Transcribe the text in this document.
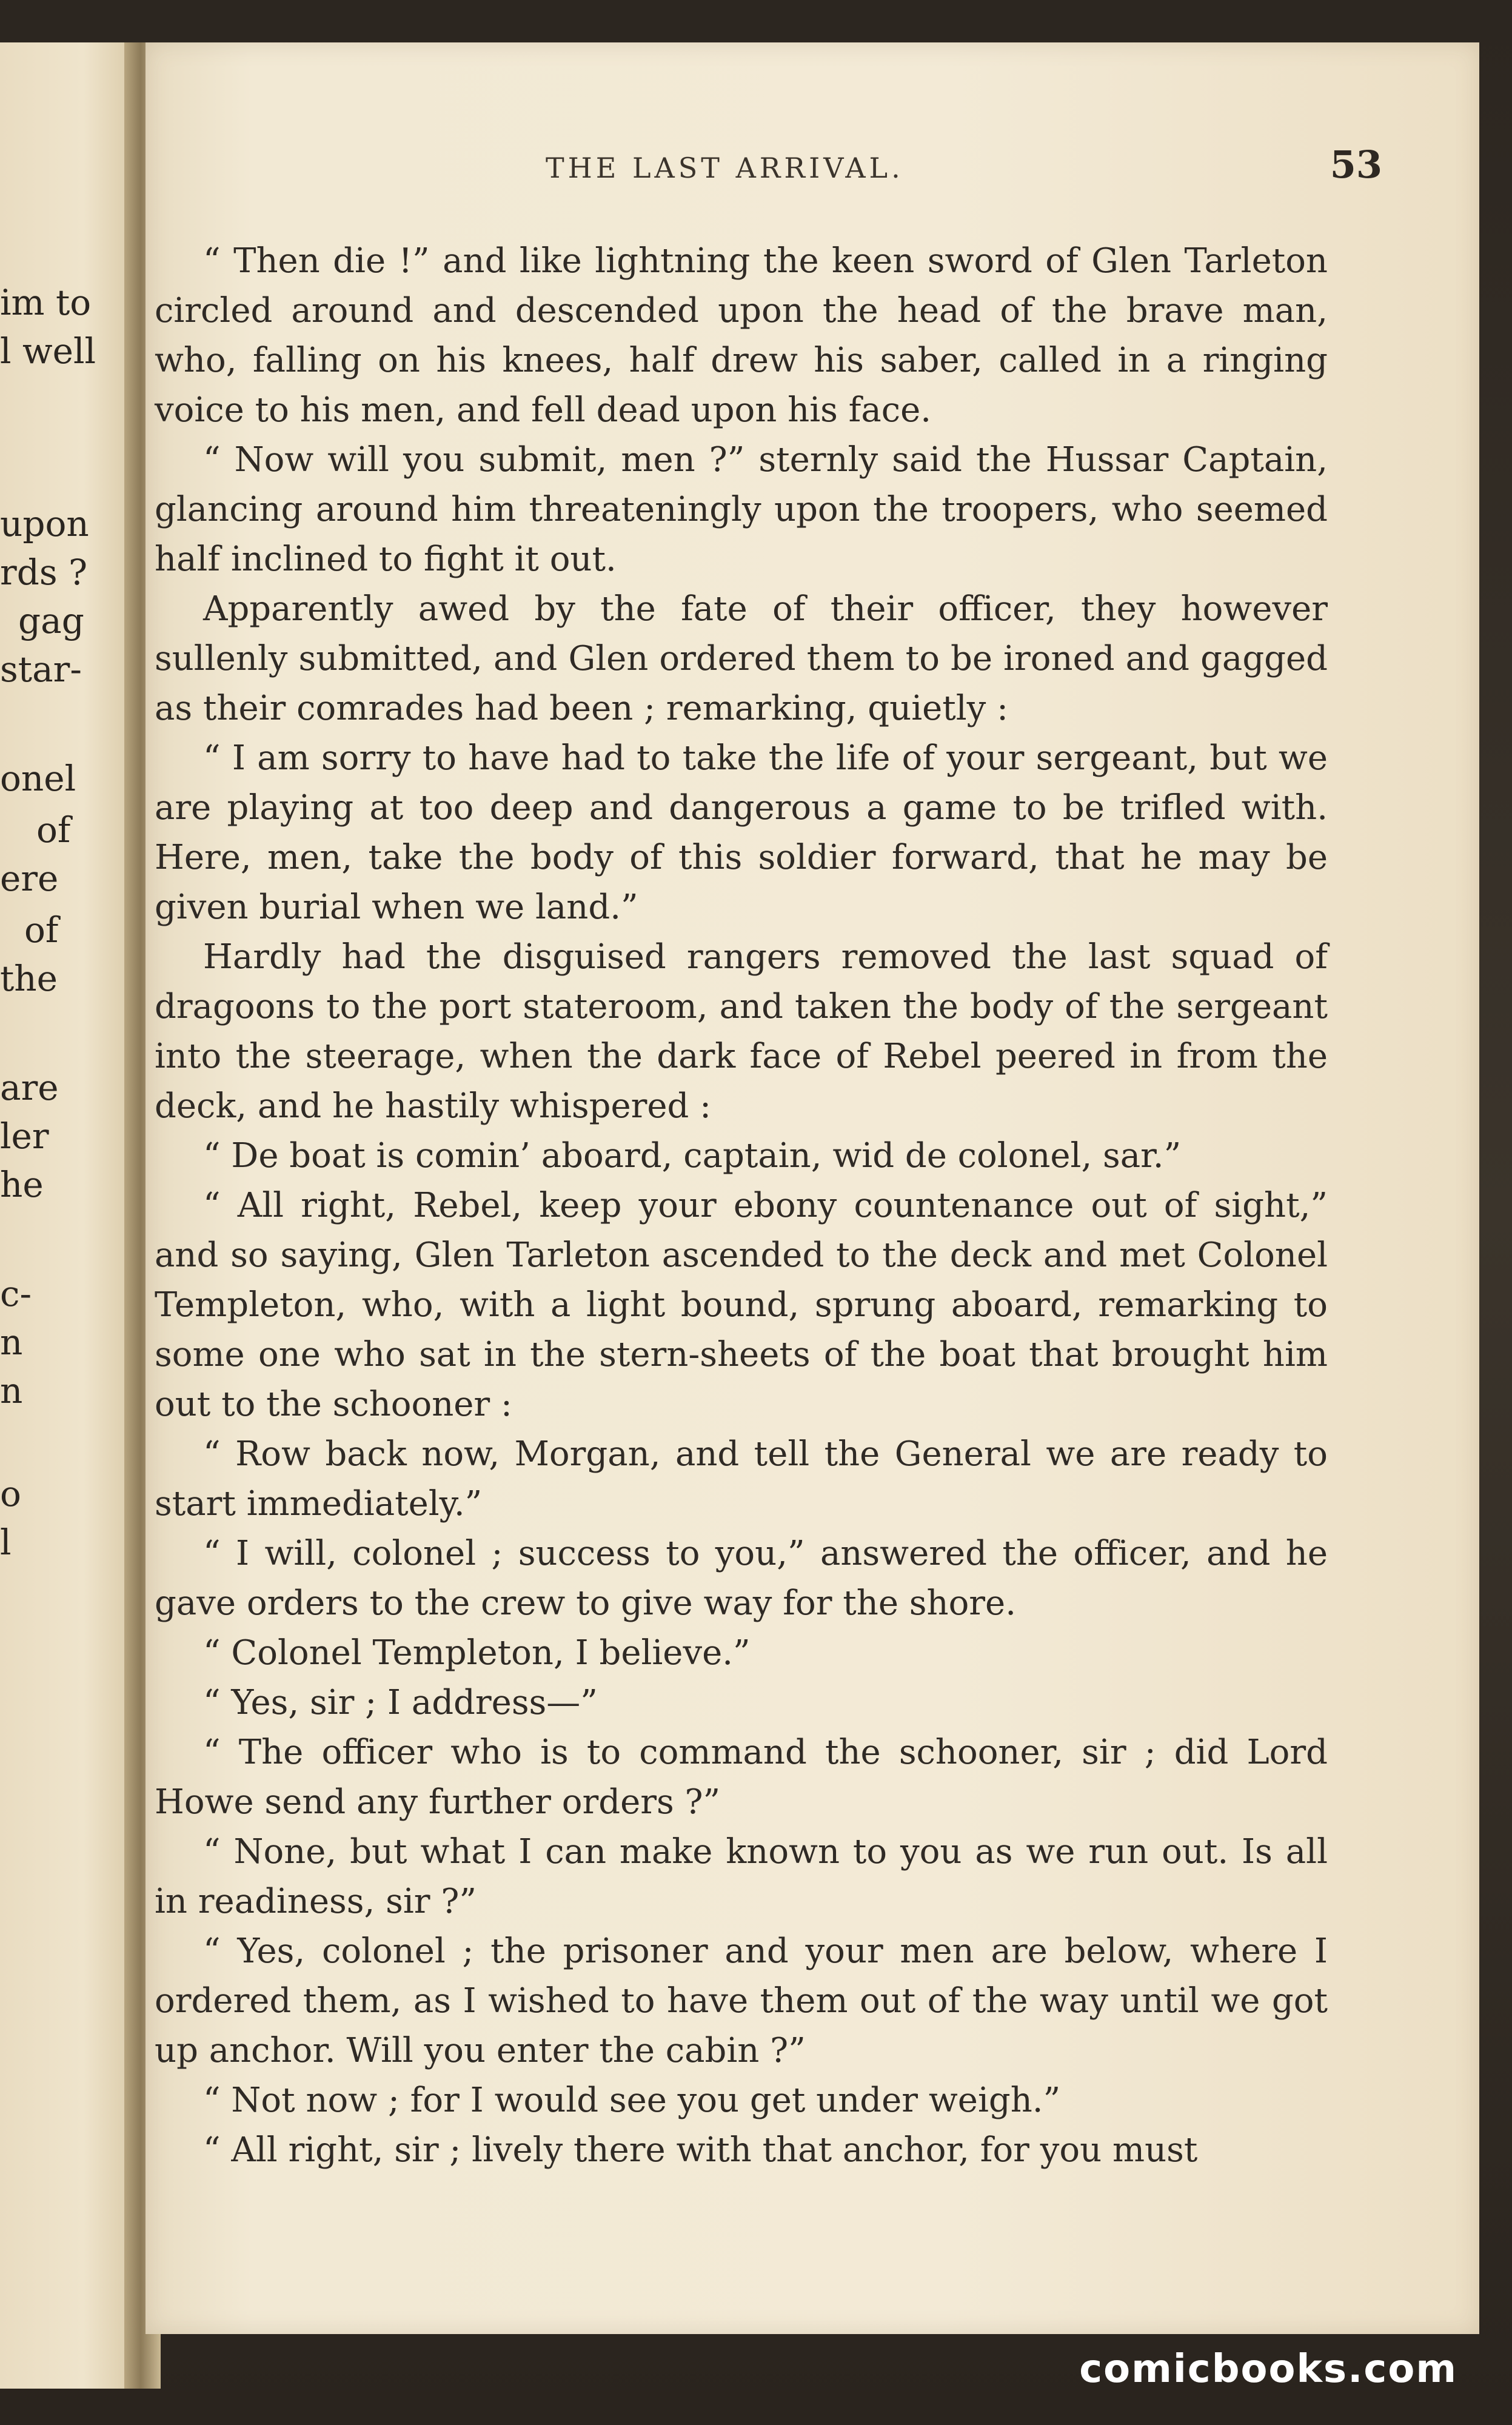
im to
l well
upon
rds ?
gag
star-
onel
of
ere
of
the
are
ler
he
c-
n
n
o
l
THE LAST ARRIVAL.	53

“ Then die !” and like lightning the keen sword of Glen Tarleton circled around and descended upon the head of the brave man, who, falling on his knees, half drew his saber, called in a ringing voice to his men, and fell dead upon his face.

“ Now will you submit, men ?” sternly said the Hussar Captain, glancing around him threateningly upon the troopers, who seemed half inclined to fight it out.

Apparently awed by the fate of their officer, they however sullenly submitted, and Glen ordered them to be ironed and gagged as their comrades had been ; remarking, quietly :

“ I am sorry to have had to take the life of your sergeant, but we are playing at too deep and dangerous a game to be trifled with. Here, men, take the body of this soldier forward, that he may be given burial when we land.”

Hardly had the disguised rangers removed the last squad of dragoons to the port stateroom, and taken the body of the sergeant into the steerage, when the dark face of Rebel peered in from the deck, and he hastily whispered :

“ De boat is comin’ aboard, captain, wid de colonel, sar.”

“ All right, Rebel, keep your ebony countenance out of sight,” and so saying, Glen Tarleton ascended to the deck and met Colonel Templeton, who, with a light bound, sprung aboard, remarking to some one who sat in the stern-sheets of the boat that brought him out to the schooner :

“ Row back now, Morgan, and tell the General we are ready to start immediately.”

“ I will, colonel ; success to you,” answered the officer, and he gave orders to the crew to give way for the shore.

“ Colonel Templeton, I believe.”

“ Yes, sir ; I address—”

“ The officer who is to command the schooner, sir ; did Lord Howe send any further orders ?”

“ None, but what I can make known to you as we run out. Is all in readiness, sir ?”

“ Yes, colonel ; the prisoner and your men are below, where I ordered them, as I wished to have them out of the way until we got up anchor. Will you enter the cabin ?”

“ Not now ; for I would see you get under weigh.”

“ All right, sir ; lively there with that anchor, for you must

comicbooks.com
